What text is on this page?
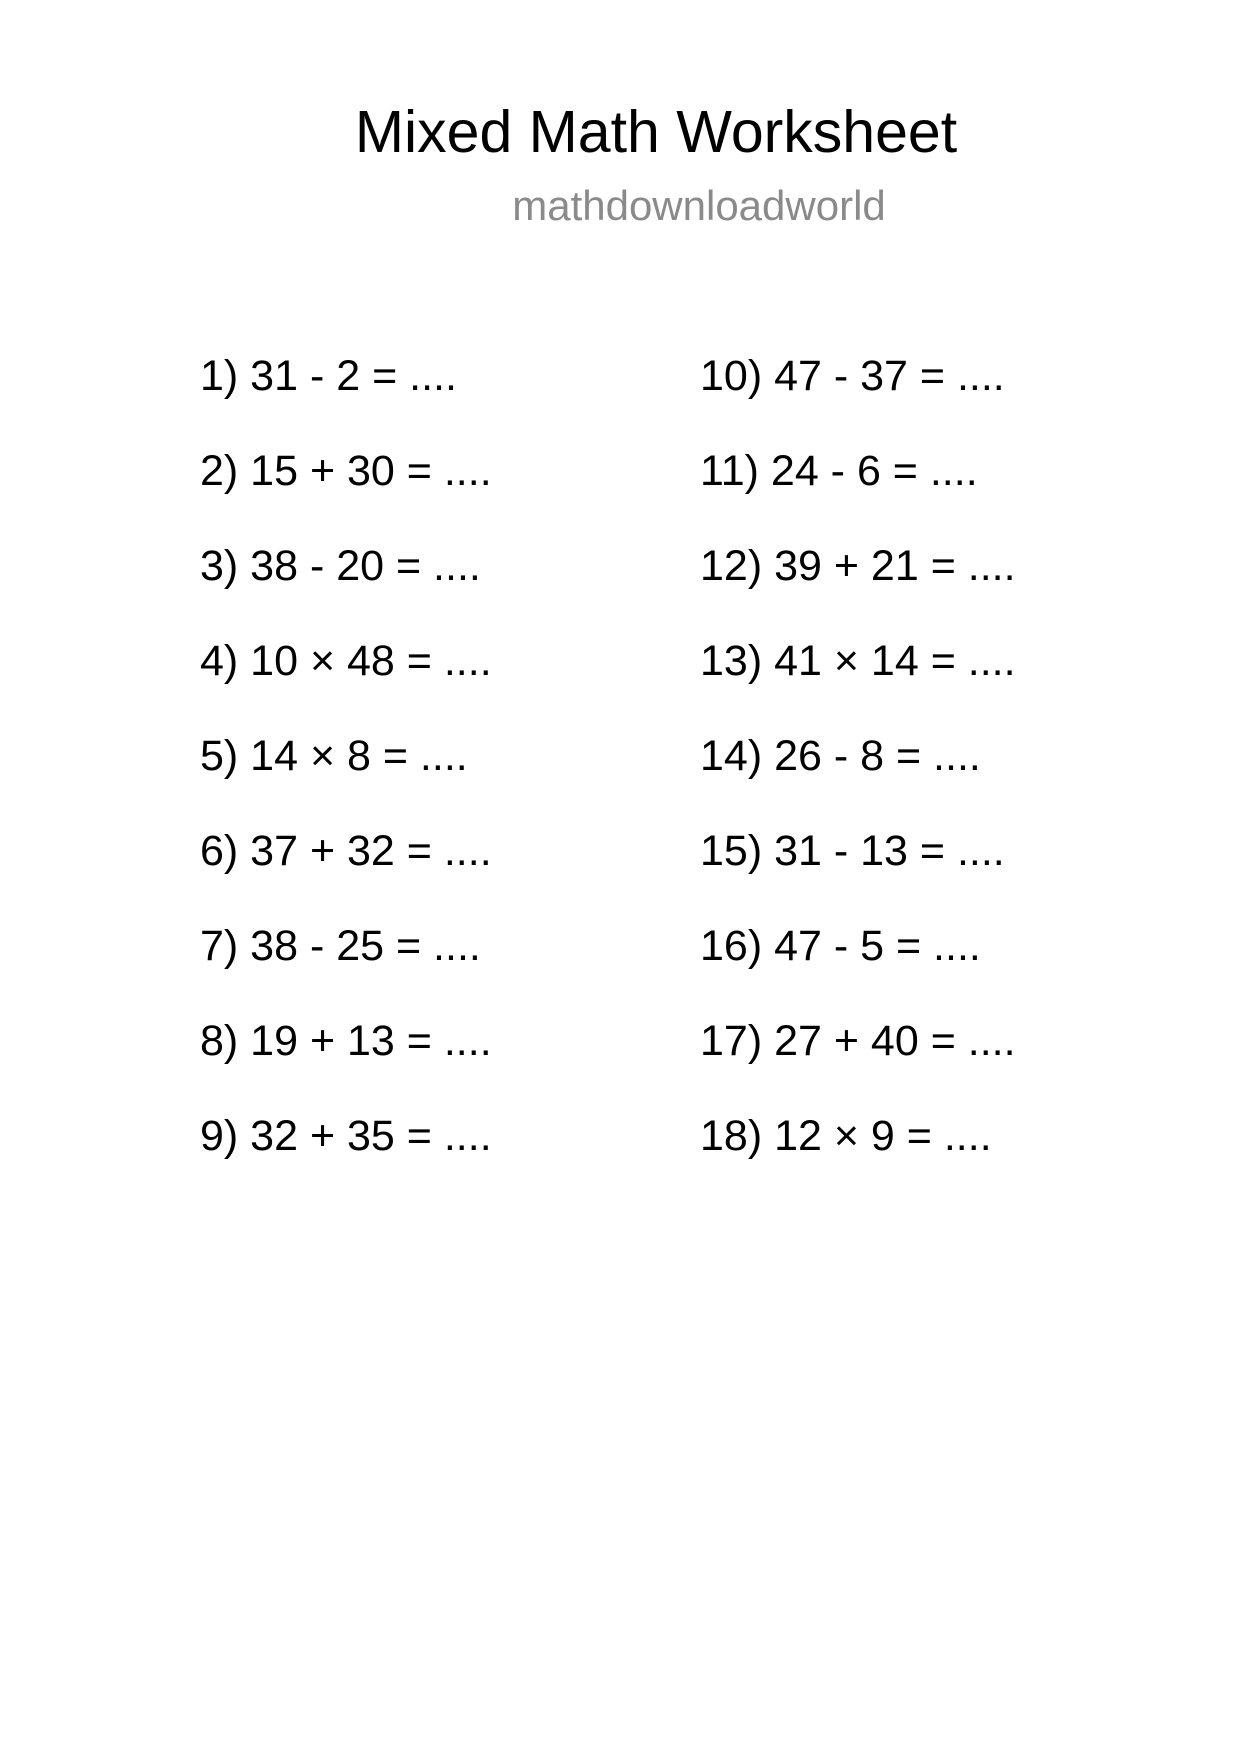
Mixed Math Worksheet
mathdownloadworld
1) 31 - 2 = ....
2) 15 + 30 = ....
3) 38 - 20 = ....
4) 10 × 48 = ....
5) 14 × 8 = ....
6) 37 + 32 = ....
7) 38 - 25 = ....
8) 19 + 13 = ....
9) 32 + 35 = ....
10) 47 - 37 = ....
11) 24 - 6 = ....
12) 39 + 21 = ....
13) 41 × 14 = ....
14) 26 - 8 = ....
15) 31 - 13 = ....
16) 47 - 5 = ....
17) 27 + 40 = ....
18) 12 × 9 = ....
